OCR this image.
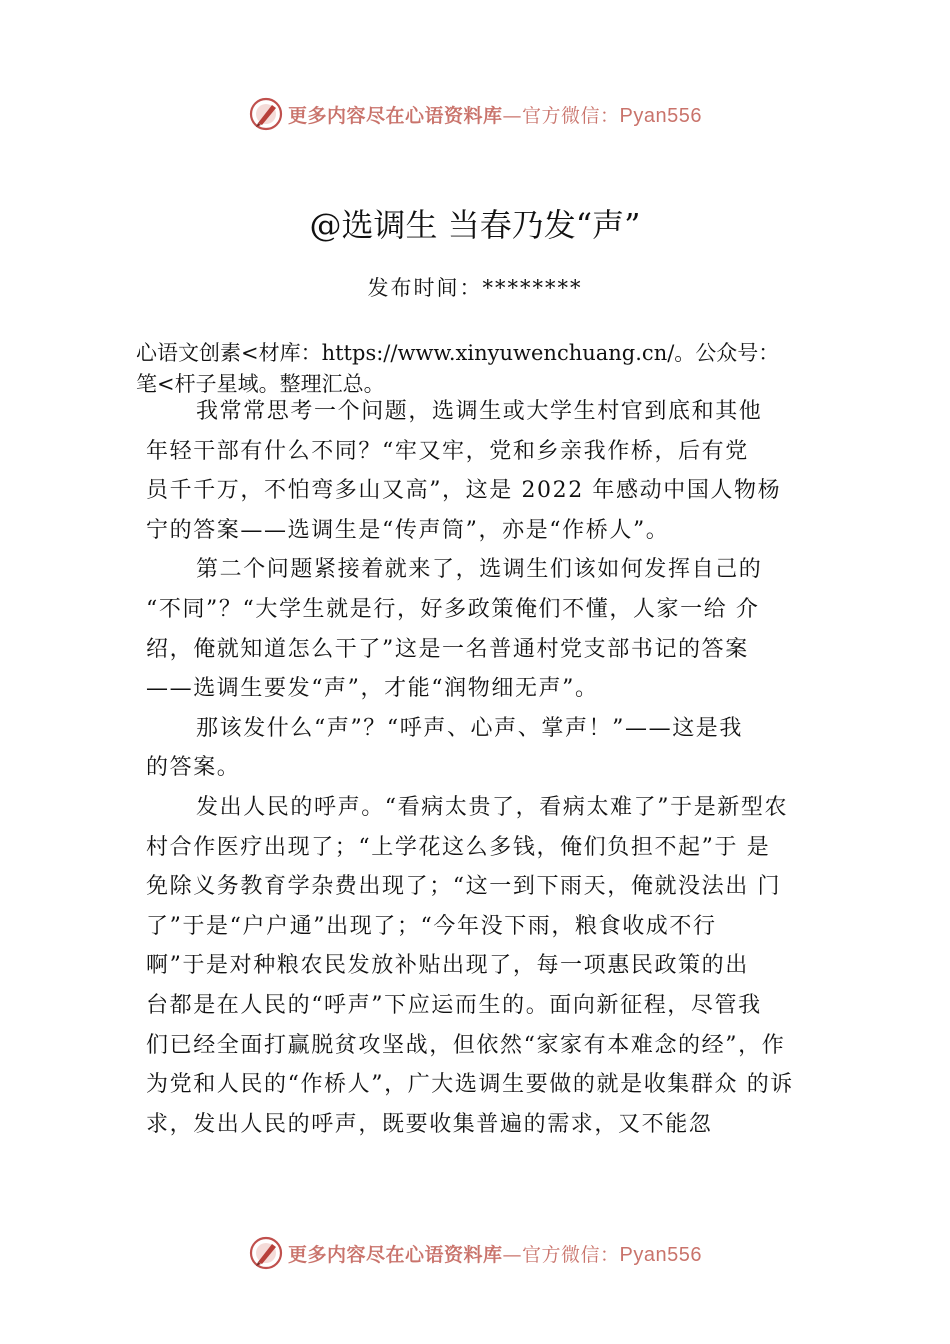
更多内容尽在心语资料库—官方微信：Pyan556
@选调生 当春乃发“声”
发布时间：********
心语文创素<材库：https://www.xinyuwenchuang.cn/。公众号：
笔<杆子星域。整理汇总。
我常常思考一个问题，选调生或大学生村官到底和其他
年轻干部有什么不同？“牢又牢，党和乡亲我作桥，后有党
员千千万，不怕弯多山又高”，这是 2022 年感动中国人物杨
宁的答案——选调生是“传声筒”，亦是“作桥人”。
第二个问题紧接着就来了，选调生们该如何发挥自己的
“不同”？“大学生就是行，好多政策俺们不懂，人家一给 介
绍，俺就知道怎么干了”这是一名普通村党支部书记的答案
——选调生要发“声”，才能“润物细无声”。
那该发什么“声”？“呼声、心声、掌声！”——这是我
的答案。
发出人民的呼声。“看病太贵了，看病太难了”于是新型农
村合作医疗出现了；“上学花这么多钱，俺们负担不起”于 是
免除义务教育学杂费出现了；“这一到下雨天，俺就没法出 门
了”于是“户户通”出现了；“今年没下雨，粮食收成不行
啊”于是对种粮农民发放补贴出现了，每一项惠民政策的出
台都是在人民的“呼声”下应运而生的。面向新征程，尽管我
们已经全面打赢脱贫攻坚战，但依然“家家有本难念的经”，作
为党和人民的“作桥人”，广大选调生要做的就是收集群众 的诉
求，发出人民的呼声，既要收集普遍的需求，又不能忽
更多内容尽在心语资料库—官方微信：Pyan556
